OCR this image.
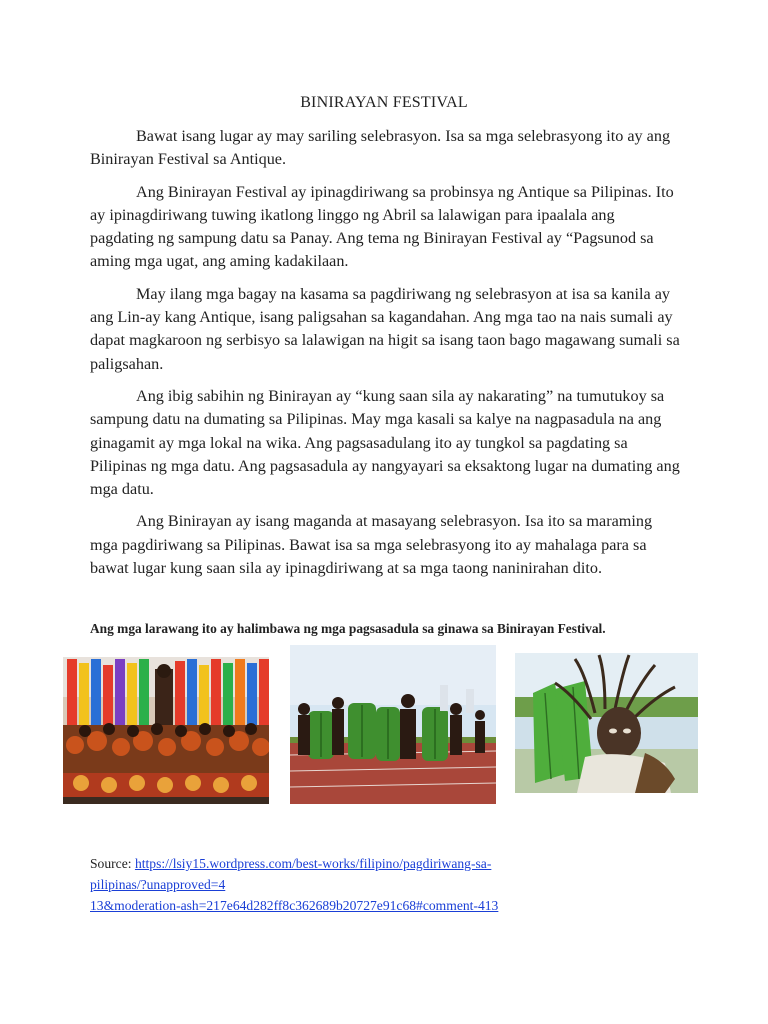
BINIRAYAN FESTIVAL

Bawat isang lugar ay may sariling selebrasyon. Isa sa mga selebrasyong ito ay ang Binirayan Festival sa Antique.

Ang Binirayan Festival ay ipinagdiriwang sa probinsya ng Antique sa Pilipinas. Ito ay ipinagdiriwang tuwing ikatlong linggo ng Abril sa lalawigan para ipaalala ang pagdating ng sampung datu sa Panay. Ang tema ng Binirayan Festival ay “Pagsunod sa aming mga ugat, ang aming kadakilaan.

May ilang mga bagay na kasama sa pagdiriwang ng selebrasyon at isa sa kanila ay ang Lin-ay kang Antique, isang paligsahan sa kagandahan. Ang mga tao na nais sumali ay dapat magkaroon ng serbisyo sa lalawigan na higit sa isang taon bago magawang sumali sa paligsahan.

Ang ibig sabihin ng Binirayan ay “kung saan sila ay nakarating” na tumutukoy sa sampung datu na dumating sa Pilipinas. May mga kasali sa kalye na nagpasadula na ang ginagamit ay mga lokal na wika. Ang pagsasadulang ito ay tungkol sa pagdating sa Pilipinas ng mga datu. Ang pagsasadula ay nangyayari sa eksaktong lugar na dumating ang mga datu.

Ang Binirayan ay isang maganda at masayang selebrasyon. Isa ito sa maraming mga pagdiriwang sa Pilipinas. Bawat isa sa mga selebrasyong ito ay mahalaga para sa bawat lugar kung saan sila ay ipinagdiriwang at sa mga taong naninirahan dito.

Ang mga larawang ito ay halimbawa ng mga pagsasadula sa ginawa sa Binirayan Festival.

Source: https://lsiy15.wordpress.com/best-works/filipino/pagdiriwang-sa-
pilipinas/?unapproved=4
13&moderation-ash=217e64d282ff8c362689b20727e91c68#comment-413
